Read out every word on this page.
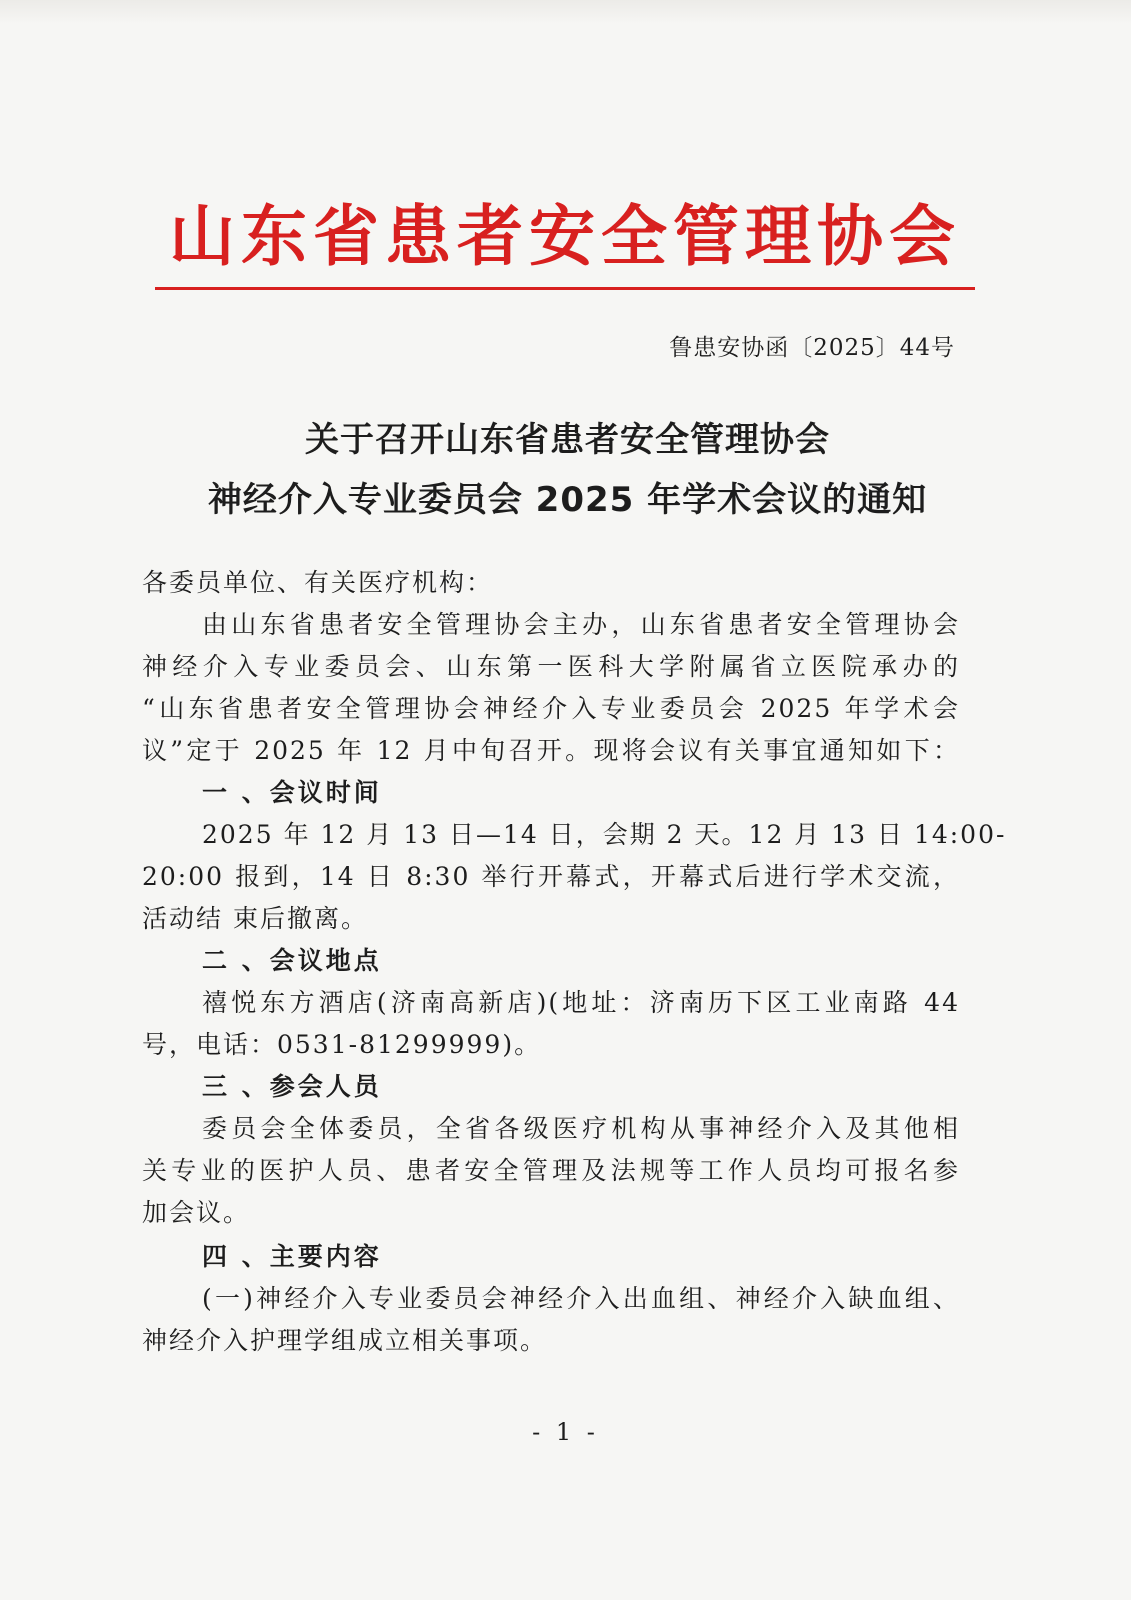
山东省患者安全管理协会
鲁患安协函〔2025〕44号
关于召开山东省患者安全管理协会
神经介入专业委员会 2025 年学术会议的通知
各委员单位、有关医疗机构：
由山东省患者安全管理协会主办，山东省患者安全管理协会
神经介入专业委员会、山东第一医科大学附属省立医院承办的
“山东省患者安全管理协会神经介入专业委员会 2025 年学术会
议”定于 2025 年 12 月中旬召开。现将会议有关事宜通知如下：
一 、会议时间
2025 年 12 月 13 日—14 日，会期 2 天。12 月 13 日 14:00-
20:00 报到，14 日 8:30 举行开幕式，开幕式后进行学术交流，
活动结 束后撤离。
二 、会议地点
禧悦东方酒店(济南高新店)(地址：济南历下区工业南路 44
号，电话：0531-81299999)。
三 、参会人员
委员会全体委员，全省各级医疗机构从事神经介入及其他相
关专业的医护人员、患者安全管理及法规等工作人员均可报名参
加会议。
四 、主要内容
(一)神经介入专业委员会神经介入出血组、神经介入缺血组、
神经介入护理学组成立相关事项。
- 1 -
